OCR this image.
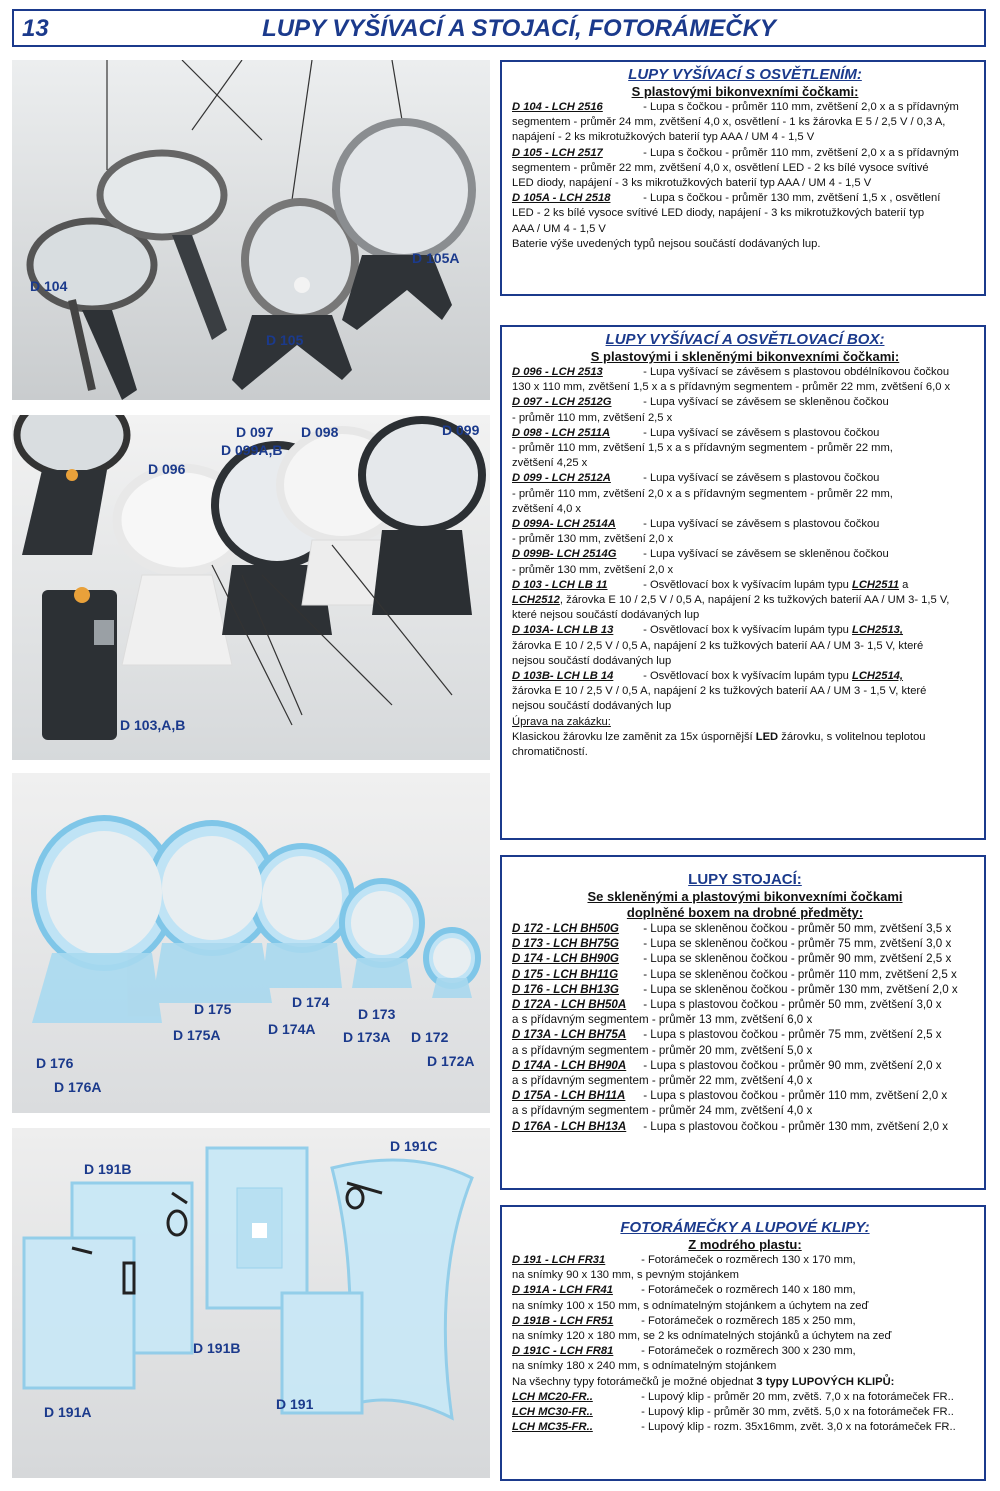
13	LUPY VYŠÍVACÍ A STOJACÍ, FOTORÁMEČKY
D 104
D 105
D 105A
D 096
D 097
D 099A,B
D 098	D 099
D 103,A,B
D 175
D 175A
D 174
D 174A
D 173
D 173A D 172
D 172A
D 176
D 176A
D 191C
D 191B
D 191B
D 191A	D 191
LUPY VYŠÍVACÍ S OSVĚTLENÍM:
S plastovými bikonvexními čočkami:
D 104 - LCH 2516	- Lupa s čočkou - průměr 110 mm, zvětšení 2,0 x a s přídavným
segmentem - průměr 24 mm, zvětšení 4,0 x, osvětlení - 1 ks žárovka E 5 / 2,5 V / 0,3 A,
napájení - 2 ks mikrotužkových baterií typ AAA / UM 4 - 1,5 V
D 105 - LCH 2517	- Lupa s čočkou - průměr 110 mm, zvětšení 2,0 x a s přídavným
segmentem - průměr 22 mm, zvětšení 4,0 x, osvětlení LED - 2 ks bílé vysoce svítivé
LED diody, napájení - 3 ks mikrotužkových baterií typ AAA / UM 4 - 1,5 V
D 105A - LCH 2518	- Lupa s čočkou - průměr 130 mm, zvětšení 1,5 x , osvětlení
LED - 2 ks bílé vysoce svítivé LED diody, napájení - 3 ks mikrotužkových baterií typ
AAA / UM 4 - 1,5 V
Baterie výše uvedených typů nejsou součástí dodávaných lup.
LUPY VYŠÍVACÍ A OSVĚTLOVACÍ BOX:
S plastovými i skleněnými bikonvexními čočkami:
D 096 - LCH 2513	- Lupa vyšívací se závěsem s plastovou obdélníkovou čočkou
130 x 110 mm, zvětšení 1,5 x a s přídavným segmentem - průměr 22 mm, zvětšení 6,0 x
D 097 - LCH 2512G	- Lupa vyšívací se závěsem se skleněnou čočkou
- průměr 110 mm, zvětšení 2,5 x
D 098 - LCH 2511A	- Lupa vyšívací se závěsem s plastovou čočkou
- průměr 110 mm, zvětšení 1,5 x a s přídavným segmentem - průměr 22 mm,
zvětšení 4,25 x
D 099 - LCH 2512A	- Lupa vyšívací se závěsem s plastovou čočkou
- průměr 110 mm, zvětšení 2,0 x a s přídavným segmentem - průměr 22 mm,
zvětšení 4,0 x
D 099A- LCH 2514A - Lupa vyšívací se závěsem s plastovou čočkou
- průměr 130 mm, zvětšení 2,0 x
D 099B- LCH 2514G - Lupa vyšívací se závěsem se skleněnou čočkou
- průměr 130 mm, zvětšení 2,0 x
D 103 - LCH LB 11	- Osvětlovací box k vyšívacím lupám typu LCH2511 a
LCH2512, žárovka E 10 / 2,5 V / 0,5 A, napájení 2 ks tužkových baterií AA / UM 3- 1,5 V,
které nejsou součástí dodávaných lup
D 103A- LCH LB 13 - Osvětlovací box k vyšívacím lupám typu LCH2513,
žárovka E 10 / 2,5 V / 0,5 A, napájení 2 ks tužkových baterií AA / UM 3- 1,5 V, které
nejsou součástí dodávaných lup
D 103B- LCH LB 14 - Osvětlovací box k vyšívacím lupám typu LCH2514,
žárovka E 10 / 2,5 V / 0,5 A, napájení 2 ks tužkových baterií AA / UM 3 - 1,5 V, které
nejsou součástí dodávaných lup
Úprava na zakázku:
Klasickou žárovku lze zaměnit za 15x úspornější LED žárovku, s volitelnou teplotou
chromatičností.
LUPY STOJACÍ:
Se skleněnými a plastovými bikonvexními čočkami
doplněné boxem na drobné předměty:
D 172 - LCH BH50G - Lupa se skleněnou čočkou - průměr 50 mm, zvětšení 3,5 x
D 173 - LCH BH75G - Lupa se skleněnou čočkou - průměr 75 mm, zvětšení 3,0 x
D 174 - LCH BH90G - Lupa se skleněnou čočkou - průměr 90 mm, zvětšení 2,5 x
D 175 - LCH BH11G - Lupa se skleněnou čočkou - průměr 110 mm, zvětšení 2,5 x
D 176 - LCH BH13G - Lupa se skleněnou čočkou - průměr 130 mm, zvětšení 2,0 x
D 172A - LCH BH50A - Lupa s plastovou čočkou - průměr 50 mm, zvětšení 3,0 x
a s přídavným segmentem - průměr 13 mm, zvětšení 6,0 x
D 173A - LCH BH75A - Lupa s plastovou čočkou - průměr 75 mm, zvětšení 2,5 x
a s přídavným segmentem - průměr 20 mm, zvětšení 5,0 x
D 174A - LCH BH90A - Lupa s plastovou čočkou - průměr 90 mm, zvětšení 2,0 x
a s přídavným segmentem - průměr 22 mm, zvětšení 4,0 x
D 175A - LCH BH11A - Lupa s plastovou čočkou - průměr 110 mm, zvětšení 2,0 x
a s přídavným segmentem - průměr 24 mm, zvětšení 4,0 x
D 176A - LCH BH13A - Lupa s plastovou čočkou - průměr 130 mm, zvětšení 2,0 x
FOTORÁMEČKY A LUPOVÉ KLIPY:
Z modrého plastu:
D 191 - LCH FR31	- Fotorámeček o rozměrech 130 x 170 mm,
na snímky 90 x 130 mm, s pevným stojánkem
D 191A - LCH FR41 - Fotorámeček o rozměrech 140 x 180 mm,
na snímky 100 x 150 mm, s odnímatelným stojánkem a úchytem na zeď
D 191B - LCH FR51 - Fotorámeček o rozměrech 185 x 250 mm,
na snímky 120 x 180 mm, se 2 ks odnímatelných stojánků a úchytem na zeď
D 191C - LCH FR81 - Fotorámeček o rozměrech 300 x 230 mm,
na snímky 180 x 240 mm, s odnímatelným stojánkem
Na všechny typy fotorámečků je možné objednat 3 typy LUPOVÝCH KLIPŮ:
LCH MC20-FR..	- Lupový klip - průměr 20 mm, zvětš. 7,0 x na fotorámeček FR..
LCH MC30-FR..	- Lupový klip - průměr 30 mm, zvětš. 5,0 x na fotorámeček FR..
LCH MC35-FR..	- Lupový klip - rozm. 35x16mm, zvět. 3,0 x na fotorámeček FR..
